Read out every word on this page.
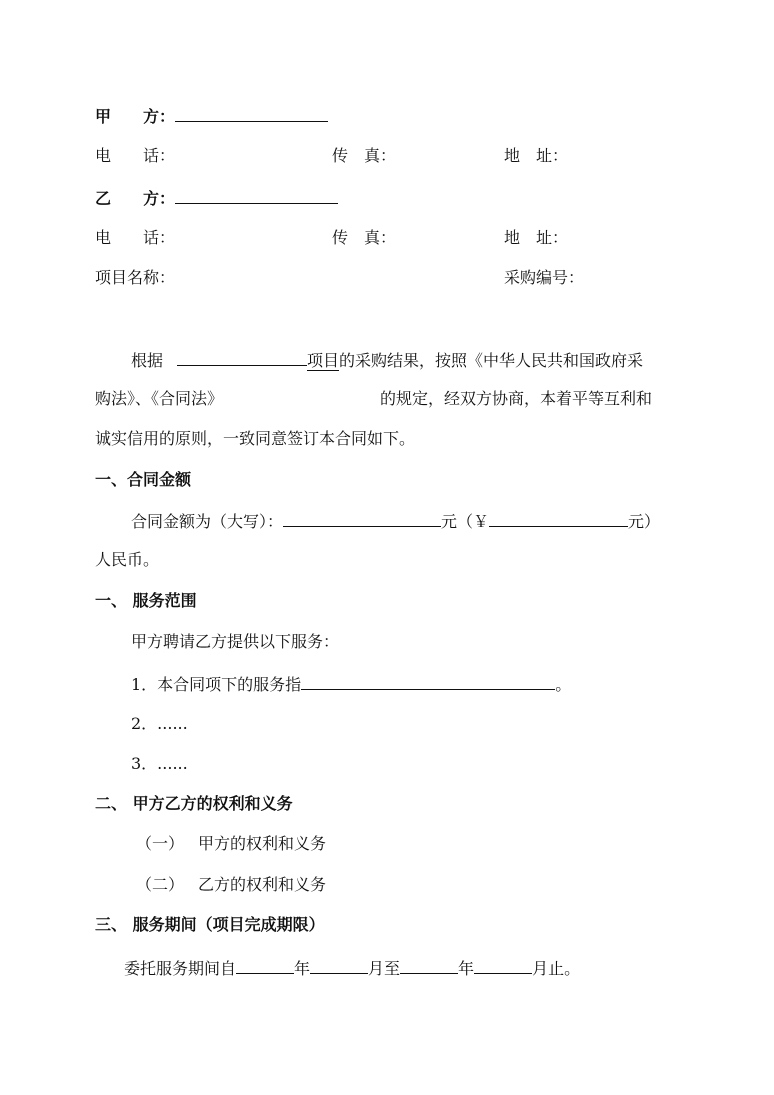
甲　　方：
电　　话：	传　真：	地　址：
乙　　方：
电　　话：	传　真：	地　址：
项目名称：	采购编号：
根据	项目的采购结果，按照《中华人民共和国政府采
购法》、《合同法》	的规定，经双方协商，本着平等互利和
诚实信用的原则，一致同意签订本合同如下。
一、合同金额
合同金额为（大写）：	元（￥	元）
人民币。
一、 服务范围
甲方聘请乙方提供以下服务：
1．本合同项下的服务指	。
2．......
3．......
二、 甲方乙方的权利和义务
（一） 甲方的权利和义务
（二） 乙方的权利和义务
三、 服务期间（项目完成期限）
委托服务期间自	年	月至	年	月止。
